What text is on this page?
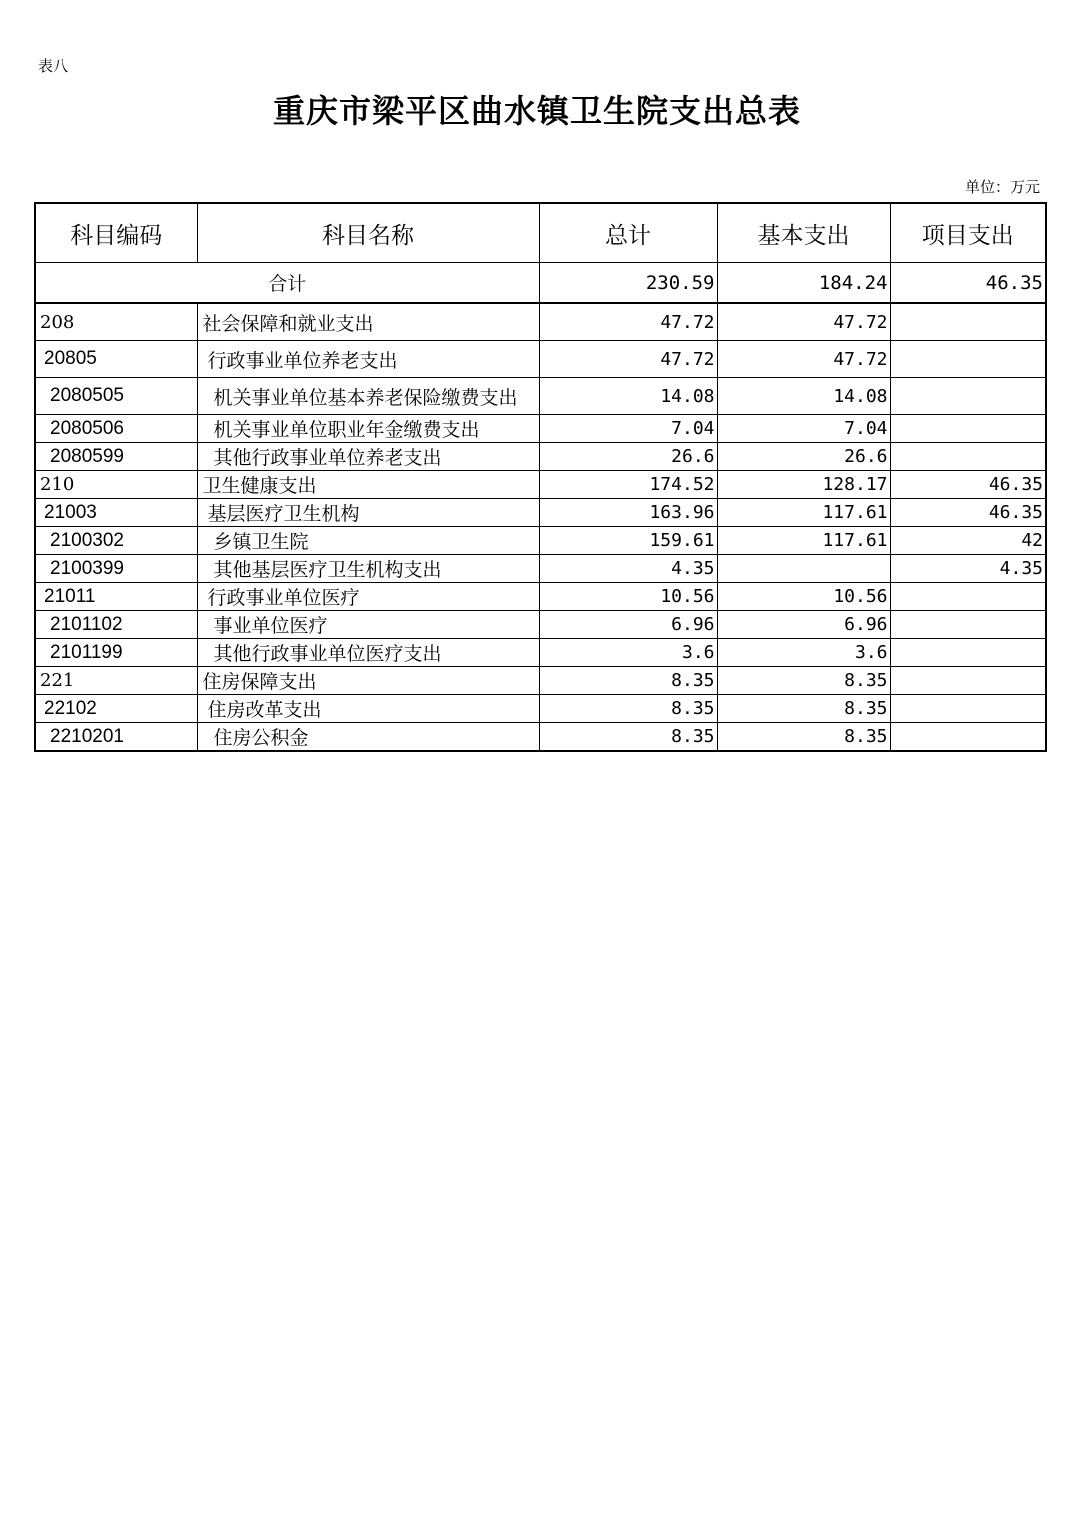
表八
重庆市梁平区曲水镇卫生院支出总表
单位：万元
科目编码	科目名称	总计	基本支出	项目支出
合计		230.59	184.24	46.35
208	社会保障和就业支出	47.72	47.72	
20805	行政事业单位养老支出	47.72	47.72	
2080505	机关事业单位基本养老保险缴费支出	14.08	14.08	
2080506	机关事业单位职业年金缴费支出	7.04	7.04	
2080599	其他行政事业单位养老支出	26.6	26.6	
210	卫生健康支出	174.52	128.17	46.35
21003	基层医疗卫生机构	163.96	117.61	46.35
2100302	乡镇卫生院	159.61	117.61	42
2100399	其他基层医疗卫生机构支出	4.35		4.35
21011	行政事业单位医疗	10.56	10.56	
2101102	事业单位医疗	6.96	6.96	
2101199	其他行政事业单位医疗支出	3.6	3.6	
221	住房保障支出	8.35	8.35	
22102	住房改革支出	8.35	8.35	
2210201	住房公积金	8.35	8.35	
